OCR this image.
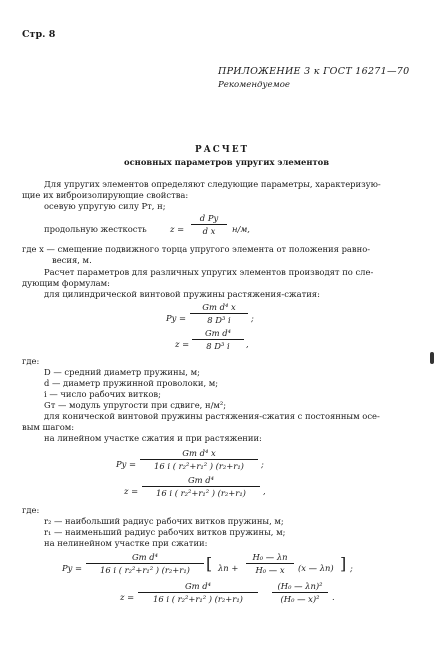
Стр. 8
ПРИЛОЖЕНИЕ 3 к ГОСТ 16271—70
Рекомендуемое
РАСЧЕТ
основных параметров упругих элементов
Для упругих элементов определяют следующие параметры, характеризую-
щие их виброизолирующие свойства:
осевую упругую силу Pт, н;
продольную жесткость	$z = \frac{\text{d Py}}{\text{d x}} н/м$,
где x — смещение подвижного торца упругого элемента от положения равно-
весия, м.
Расчет параметров для различных упругих элементов производят по сле-
дующим формулам:
для цилиндрической винтовой пружины растяжения-сжатия:
Py =
Gт d⁴ x
8 D³ i	;
z =
Gт d⁴
8 D³ i	,
где:
D — средний диаметр пружины, м;
d — диаметр пружинной проволоки, м;
i — число рабочих витков;
Gт — модуль упругости при сдвиге, н/м²;
для конической винтовой пружины растяжения-сжатия с постоянным осе-
вым шагом:
на линейном участке сжатия и при растяжении:
Py =
Gт d⁴ x
16 i ( r₂²+r₁² ) (r₂+r₁)	;
z =
Gт d⁴
16 i ( r₂²+r₁² ) (r₂+r₁)	,
где:
r₂ — наибольший радиус рабочих витков пружины, м;
r₁ — наименьший радиус рабочих витков пружины, м;
на нелинейном участке при сжатии:
Py =
Gт d⁴
16 i ( r₂²+r₁² ) (r₂+r₁)	[ λп +
H₀ — λп
H₀ — x	(x — λп) ] ;
z =
Gт d⁴
16 i ( r₂²+r₁² ) (r₂+r₁)
(H₀ — λп)²
(H₀ — x)²	.
